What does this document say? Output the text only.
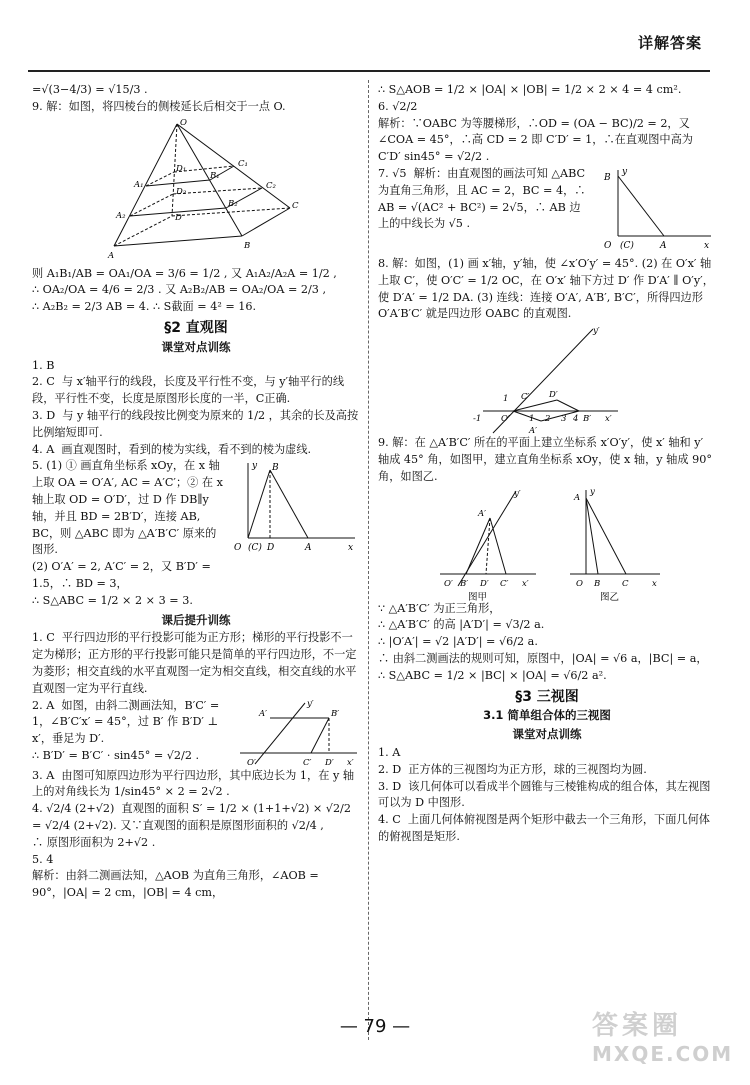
详解答案
=√(3−4/3) = √15/3 .
9. 解：如图，将四棱台的侧棱延长后相交于一点 O.
O
C₁
D₁
B₁
A₁	C₂
D₂
B₂
A₂
C
D
B
A
则 A₁B₁/AB = OA₁/OA = 3/6 = 1/2 , 又 A₁A₂/A₂A = 1/2 ,
∴ OA₂/OA = 4/6 = 2/3 . 又 A₂B₂/AB = OA₂/OA = 2/3 ,
∴ A₂B₂ = 2/3 AB = 4. ∴ S截面 = 4² = 16.
§2 直观图
课堂对点训练
1. B
2. C  与 x′轴平行的线段，长度及平行性不变，与 y′轴平行的线段，平行性不变，长度是原图形长度的一半，C正确.
3. D  与 y 轴平行的线段按比例变为原来的 1/2 ，其余的长及高按比例缩短即可.
4. A  画直观图时，看到的棱为实线，看不到的棱为虚线.
5. (1) ① 画直角坐标系 xOy，在 x 轴上取 OA = O′A′, AC = A′C′；② 在 x 轴上取 OD = O′D′，过 D 作 DB∥y 轴，并且 BD = 2B′D′，连接 AB, BC，则 △ABC 即为 △A′B′C′ 原来的图形.
(2) O′A′ = 2, A′C′ = 2，又 B′D′ = 1.5，∴ BD = 3，
y B
O (C) D	A	x
∴ S△ABC = 1/2 × 2 × 3 = 3.
课后提升训练
1. C  平行四边形的平行投影可能为正方形；梯形的平行投影不一定为梯形；正方形的平行投影可能只是简单的平行四边形，不一定为菱形；相交直线的水平直观图一定为相交直线，相交直线的水平直观图一定为平行直线.
2. A  如图，由斜二测画法知，B′C′ = 1，∠B′C′x′ = 45°，过 B′ 作 B′D′ ⊥ x′，垂足为 D′.
∴ B′D′ = B′C′ · sin45° = √2/2 .
y′
A′	B′
O′	C′ D′ x′
3. A  由图可知原四边形为平行四边形，其中底边长为 1，在 y 轴上的对角线长为 1/sin45° × 2 = 2√2 .
4. √2/4 (2+√2)  直观图的面积 S′ = 1/2 × (1+1+√2) × √2/2 = √2/4 (2+√2). 又∵直观图的面积是原图形面积的 √2/4 ,
∴ 原图形面积为 2+√2 .
5. 4
解析：由斜二测画法知，△AOB 为直角三角形，∠AOB = 90°，|OA| = 2 cm，|OB| = 4 cm，
∴ S△AOB = 1/2 × |OA| × |OB| = 1/2 × 2 × 4 = 4 cm².
6. √2/2
解析：∵OABC 为等腰梯形，∴OD = (OA − BC)/2 = 2，又 ∠COA = 45°，∴高 CD = 2 即 C′D′ = 1，∴在直观图中高为 C′D′ sin45° = √2/2 .
7. √5  解析：由直观图的画法可知 △ABC 为直角三角形，且 AC = 2，BC = 4，∴ AB = √(AC² + BC²) = 2√5，∴ AB 边上的中线长为 √5 .
B
y
O (C)	A	x
8. 解：如图，(1) 画 x′轴，y′轴，使 ∠x′O′y′ = 45°. (2) 在 O′x′ 轴上取 C′，使 O′C′ = 1/2 OC，在 O′x′ 轴下方过 D′ 作 D′A′ ∥ O′y′，使 D′A′ = 1/2 DA. (3) 连线：连接 O′A′, A′B′, B′C′，所得四边形 O′A′B′C′ 就是四边形 OABC 的直观图.
y′
1 C′ D′
-1 O′ 1 2 3 4 B′ x′
A′
9. 解：在 △A′B′C′ 所在的平面上建立坐标系 x′O′y′，使 x′ 轴和 y′ 轴成 45° 角，如图甲，建立直角坐标系 xOy，使 x 轴，y 轴成 90° 角，如图乙.
A′
y′
O′ B′ D′ C′ x′
图甲
A
y
O B	C	x
图乙
∵ △A′B′C′ 为正三角形，
∴ △A′B′C′ 的高 |A′D′| = √3/2 a.
∴ |O′A′| = √2 |A′D′| = √6/2 a.
∴ 由斜二测画法的规则可知，原图中，|OA| = √6 a，|BC| = a，
∴ S△ABC = 1/2 × |BC| × |OA| = √6/2 a².
§3 三视图
3.1 简单组合体的三视图
课堂对点训练
1. A
2. D  正方体的三视图均为正方形，球的三视图均为圆.
3. D  该几何体可以看成半个圆锥与三棱锥构成的组合体，其左视图可以为 D 中图形.
4. C  上面几何体俯视图是两个矩形中截去一个三角形，下面几何体的俯视图是矩形.
— 79 —	答案圈
MXQE.COM
